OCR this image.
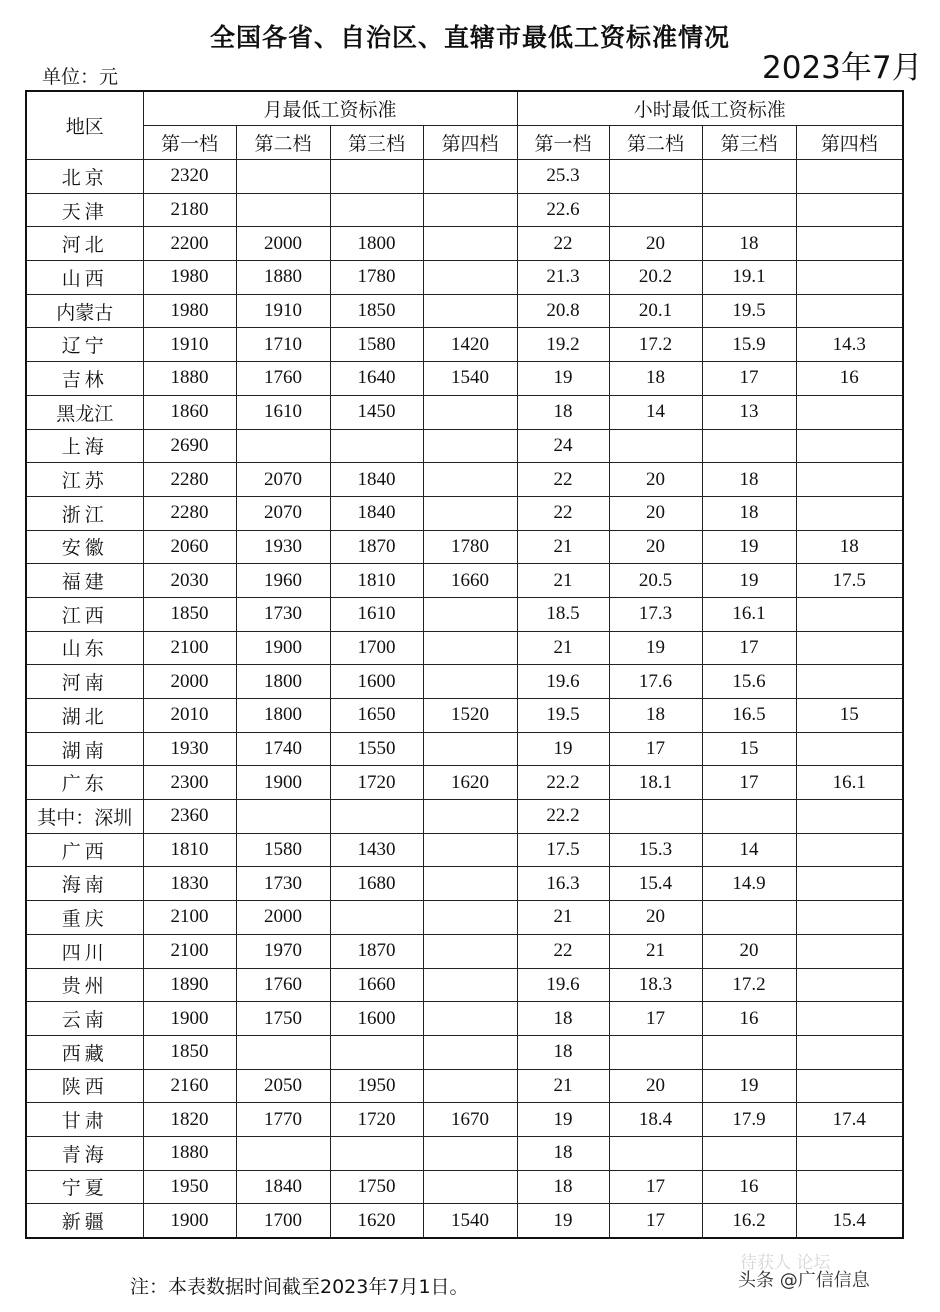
全国各省、自治区、直辖市最低工资标准情况
单位：元	2023年7月
地区	月最低工资标准				小时最低工资标准			
	第一档	第二档	第三档	第四档	第一档	第二档	第三档	第四档
北京	2320				25.3			
天津	2180				22.6			
河北	2200	2000	1800		22	20	18	
山西	1980	1880	1780		21.3	20.2	19.1	
内蒙古	1980	1910	1850		20.8	20.1	19.5	
辽宁	1910	1710	1580	1420	19.2	17.2	15.9	14.3
吉林	1880	1760	1640	1540	19	18	17	16
黑龙江	1860	1610	1450		18	14	13	
上海	2690				24			
江苏	2280	2070	1840		22	20	18	
浙江	2280	2070	1840		22	20	18	
安徽	2060	1930	1870	1780	21	20	19	18
福建	2030	1960	1810	1660	21	20.5	19	17.5
江西	1850	1730	1610		18.5	17.3	16.1	
山东	2100	1900	1700		21	19	17	
河南	2000	1800	1600		19.6	17.6	15.6	
湖北	2010	1800	1650	1520	19.5	18	16.5	15
湖南	1930	1740	1550		19	17	15	
广东	2300	1900	1720	1620	22.2	18.1	17	16.1
其中：深圳	2360				22.2			
广西	1810	1580	1430		17.5	15.3	14	
海南	1830	1730	1680		16.3	15.4	14.9	
重庆	2100	2000			21	20		
四川	2100	1970	1870		22	21	20	
贵州	1890	1760	1660		19.6	18.3	17.2	
云南	1900	1750	1600		18	17	16	
西藏	1850				18			
陕西	2160	2050	1950		21	20	19	
甘肃	1820	1770	1720	1670	19	18.4	17.9	17.4
青海	1880				18			
宁夏	1950	1840	1750		18	17	16	
新疆	1900	1700	1620	1540	19	17	16.2	15.4
注：本表数据时间截至2023年7月1日。
待获人 论坛
头条 @广信信息
